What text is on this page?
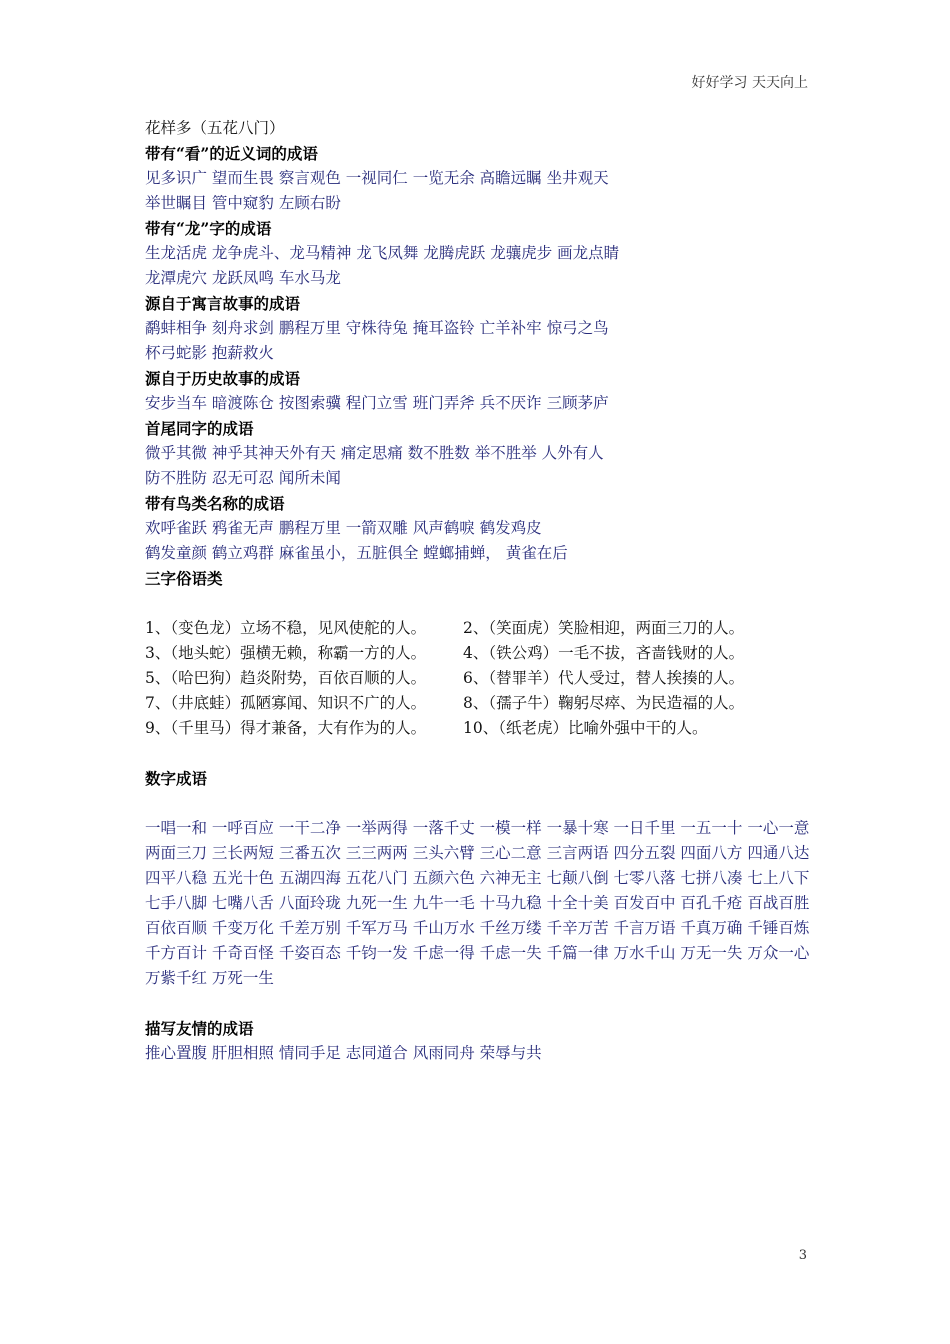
好好学习 天天向上
花样多（五花八门）
带有“看”的近义词的成语
见多识广 望而生畏 察言观色 一视同仁 一览无余 高瞻远瞩 坐井观天
举世瞩目 管中窥豹 左顾右盼
带有“龙”字的成语
生龙活虎 龙争虎斗、龙马精神 龙飞凤舞 龙腾虎跃 龙骧虎步 画龙点睛
龙潭虎穴 龙跃凤鸣 车水马龙
源自于寓言故事的成语
鹬蚌相争 刻舟求剑 鹏程万里 守株待兔 掩耳盗铃 亡羊补牢 惊弓之鸟
杯弓蛇影 抱薪救火
源自于历史故事的成语
安步当车 暗渡陈仓 按图索骥 程门立雪 班门弄斧 兵不厌诈 三顾茅庐
首尾同字的成语
微乎其微 神乎其神天外有天 痛定思痛 数不胜数 举不胜举 人外有人
防不胜防 忍无可忍 闻所未闻
带有鸟类名称的成语
欢呼雀跃 鸦雀无声 鹏程万里 一箭双雕 风声鹤唳 鹤发鸡皮
鹤发童颜 鹤立鸡群 麻雀虽小，五脏俱全 螳螂捕蝉， 黄雀在后
三字俗语类
1、（变色龙）立场不稳，见风使舵的人。	2、（笑面虎）笑脸相迎，两面三刀的人。
3、（地头蛇）强横无赖，称霸一方的人。	4、（铁公鸡）一毛不拔，吝啬钱财的人。
5、（哈巴狗）趋炎附势，百依百顺的人。	6、（替罪羊）代人受过，替人挨揍的人。
7、（井底蛙）孤陋寡闻、知识不广的人。	8、（孺子牛）鞠躬尽瘁、为民造福的人。
9、（千里马）得才兼备，大有作为的人。	10、（纸老虎）比喻外强中干的人。
数字成语
一唱一和 一呼百应 一干二净 一举两得 一落千丈 一模一样 一暴十寒 一日千里 一五一十 一心一意
两面三刀 三长两短 三番五次 三三两两 三头六臂 三心二意 三言两语 四分五裂 四面八方 四通八达
四平八稳 五光十色 五湖四海 五花八门 五颜六色 六神无主 七颠八倒 七零八落 七拼八凑 七上八下
七手八脚 七嘴八舌 八面玲珑 九死一生 九牛一毛 十马九稳 十全十美 百发百中 百孔千疮 百战百胜
百依百顺 千变万化 千差万别 千军万马 千山万水 千丝万缕 千辛万苦 千言万语 千真万确 千锤百炼
千方百计 千奇百怪 千姿百态 千钧一发 千虑一得 千虑一失 千篇一律 万水千山 万无一失 万众一心
万紫千红 万死一生
描写友情的成语
推心置腹 肝胆相照 情同手足 志同道合 风雨同舟 荣辱与共
3
